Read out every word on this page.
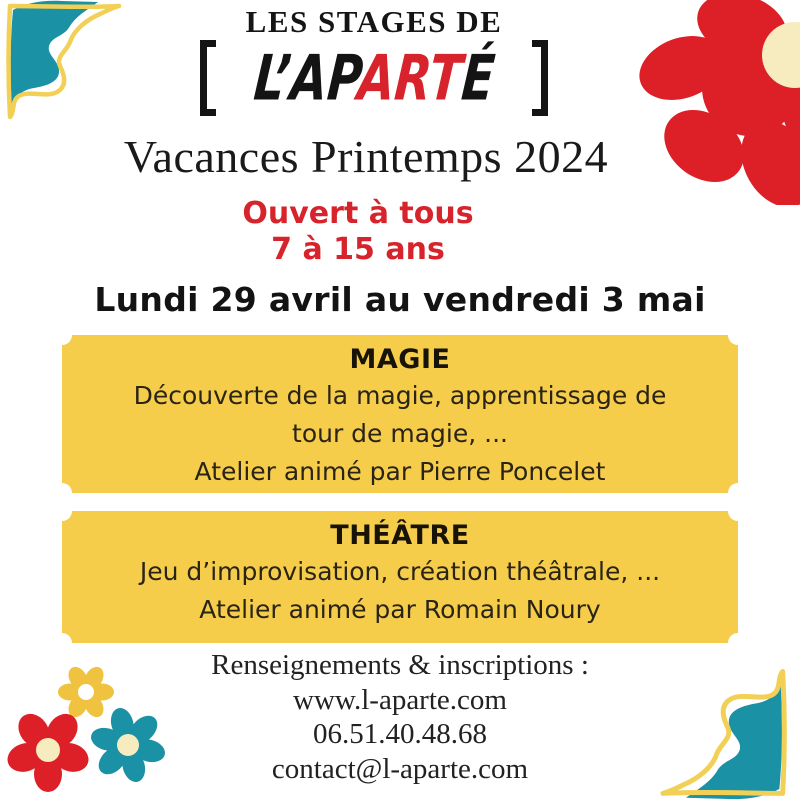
LES STAGES DE
L’APARTÉ
Vacances Printemps 2024
Ouvert à tous
7 à 15 ans
Lundi 29 avril au vendredi 3 mai
MAGIE
Découverte de la magie, apprentissage de
tour de magie, ...
Atelier animé par Pierre Poncelet
THÉÂTRE
Jeu d’improvisation, création théâtrale, ...
Atelier animé par Romain Noury
Renseignements & inscriptions :
www.l-aparte.com
06.51.40.48.68
contact@l-aparte.com
